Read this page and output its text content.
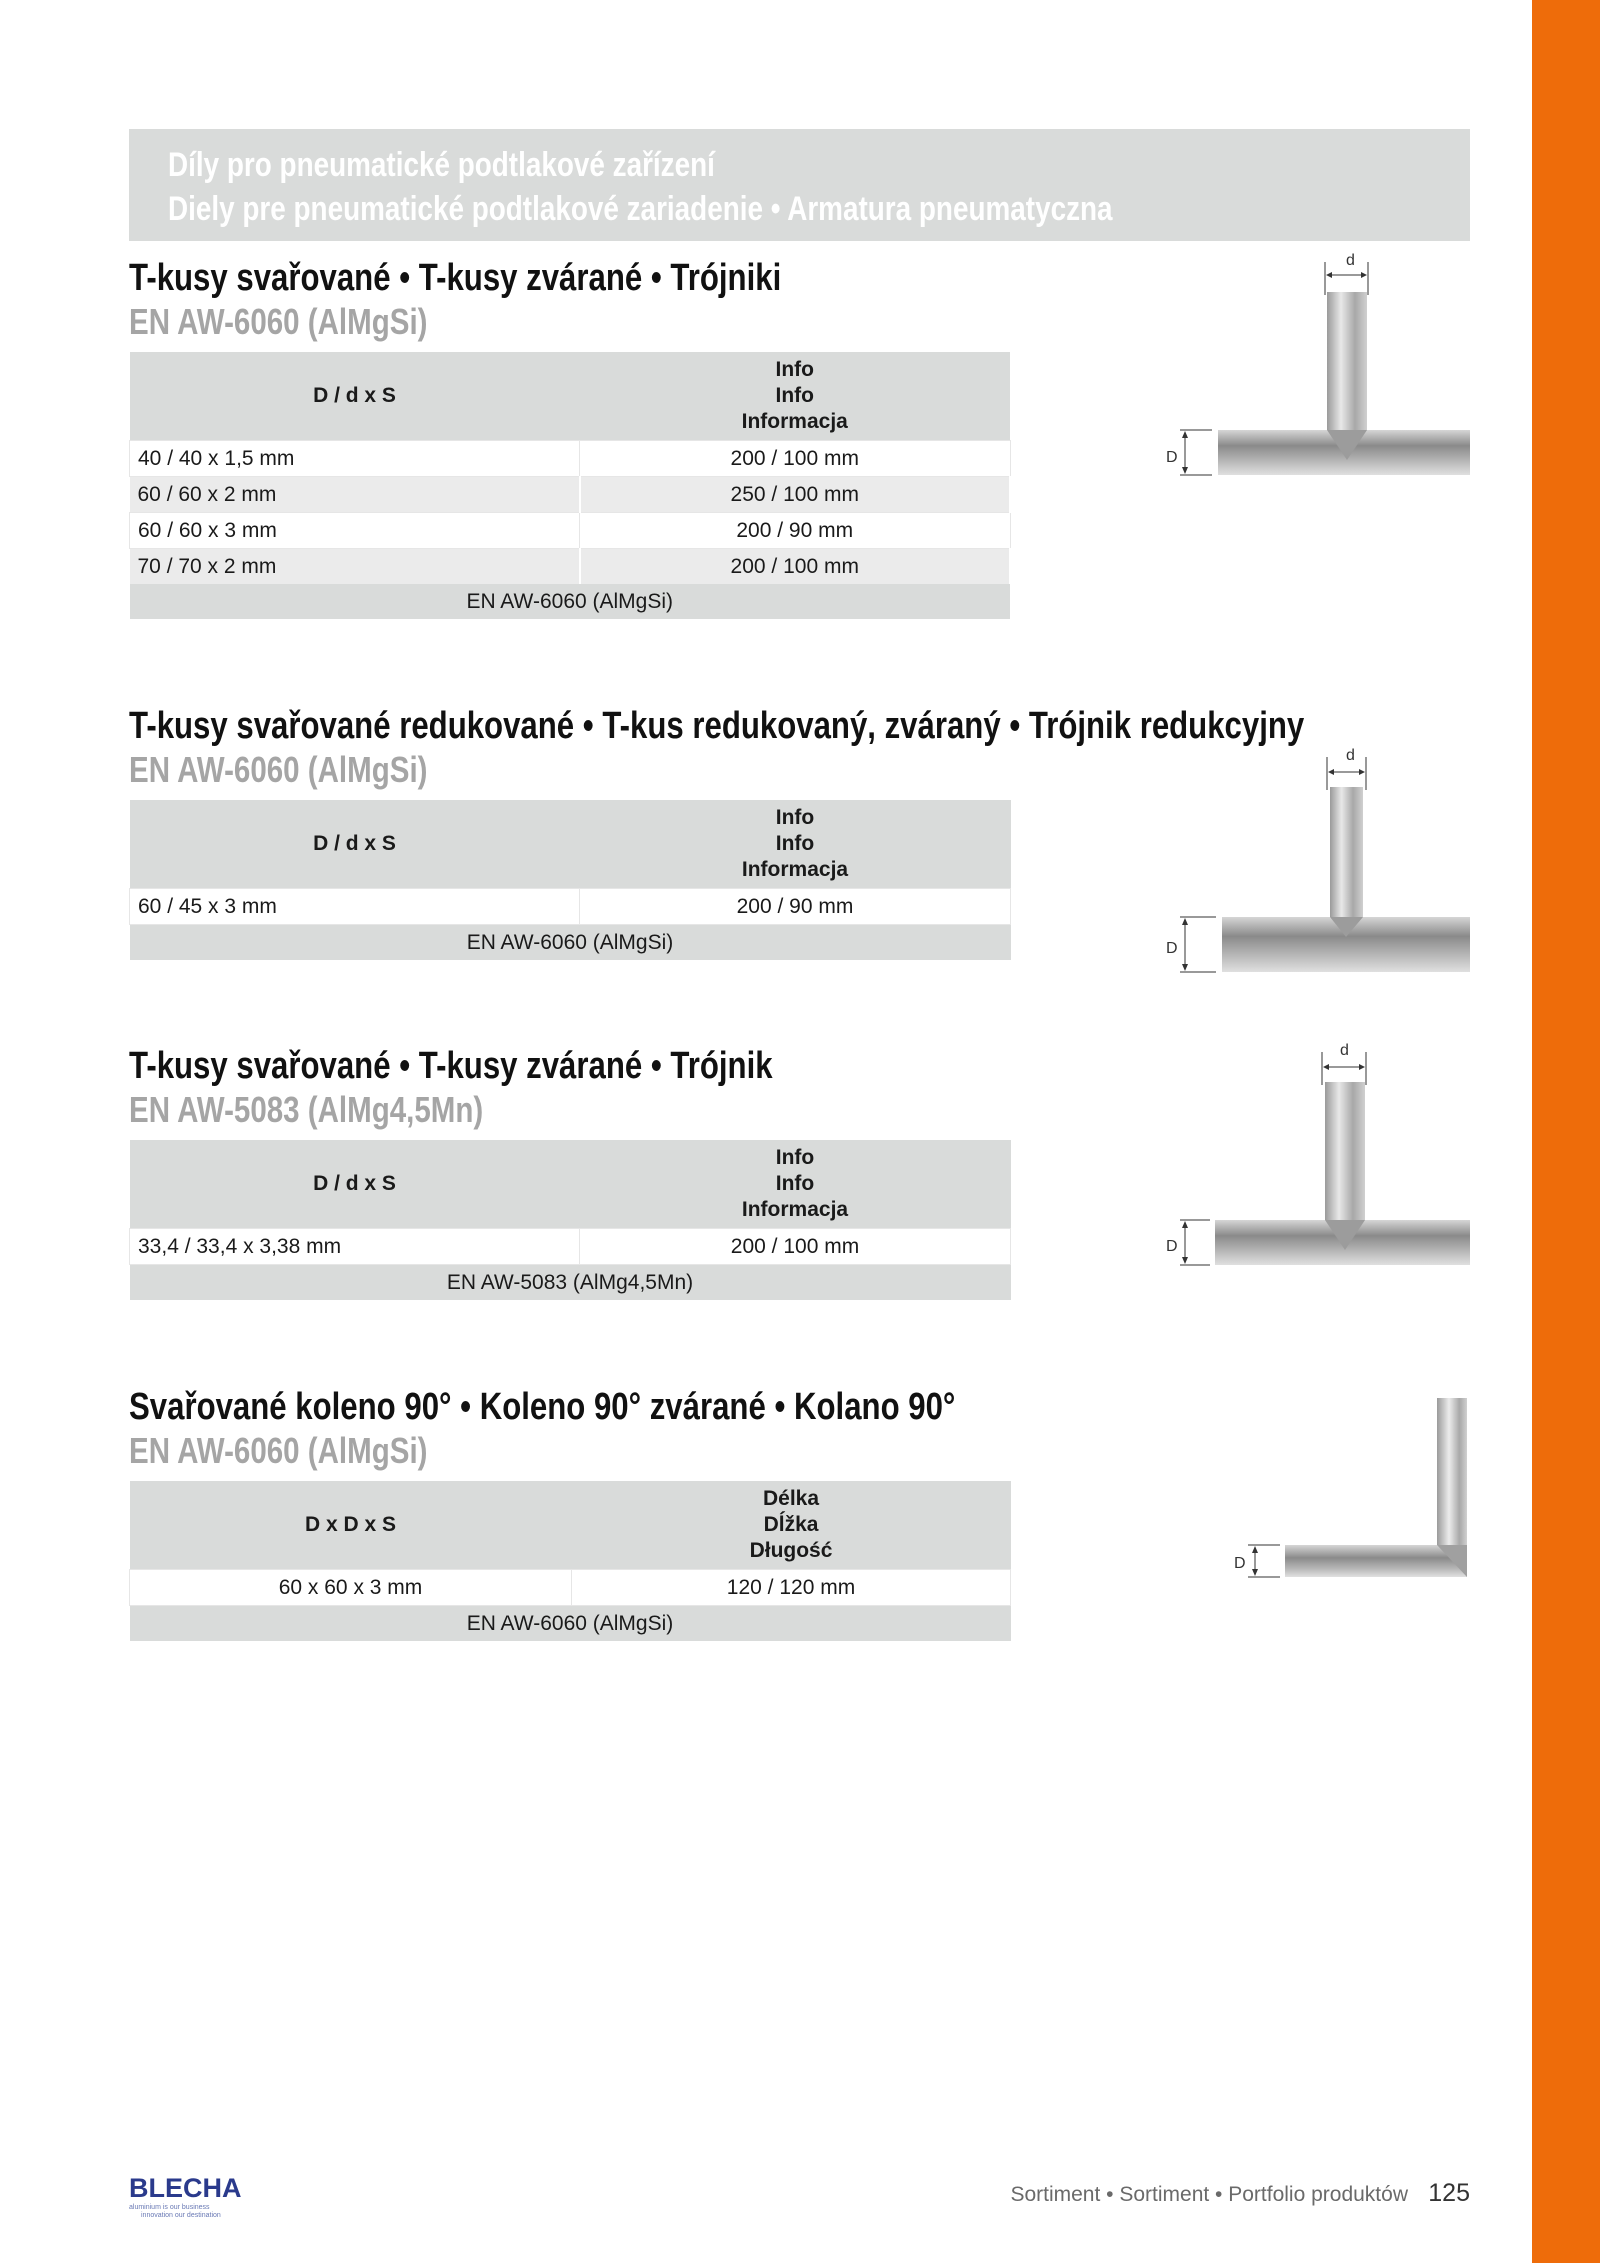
Díly pro pneumatické podtlakové zařízení
Diely pre pneumatické podtlakové zariadenie • Armatura pneumatyczna
T-kusy svařované • T-kusy zvárané • Trójniki
EN AW-6060 (AlMgSi)
D / d x S	Info
Info
Informacja

40 / 40 x 1,5 mm	200 / 100 mm
60 / 60 x 2 mm	250 / 100 mm
60 / 60 x 3 mm	200 / 90 mm
70 / 70 x 2 mm	200 / 100 mm
EN AW-6060 (AlMgSi)	
d
D
T-kusy svařované redukované • T-kus redukovaný, zváraný • Trójnik redukcyjny
EN AW-6060 (AlMgSi)
D / d x S	Info
Info
Informacja

60 / 45 x 3 mm	200 / 90 mm
EN AW-6060 (AlMgSi)	
d
D
T-kusy svařované • T-kusy zvárané • Trójnik
EN AW-5083 (AlMg4,5Mn)
D / d x S	Info
Info
Informacja

33,4 / 33,4 x 3,38 mm	200 / 100 mm
EN AW-5083 (AlMg4,5Mn)	
d
D
Svařované koleno 90° • Koleno 90° zvárané • Kolano 90°
EN AW-6060 (AlMgSi)
D x D x S	Délka
Dĺžka
Długość

60 x 60 x 3 mm	120 / 120 mm
EN AW-6060 (AlMgSi)	
D
BLECHA
aluminium is our business
innovation our destination
Sortiment • Sortiment • Portfolio produktów 125
